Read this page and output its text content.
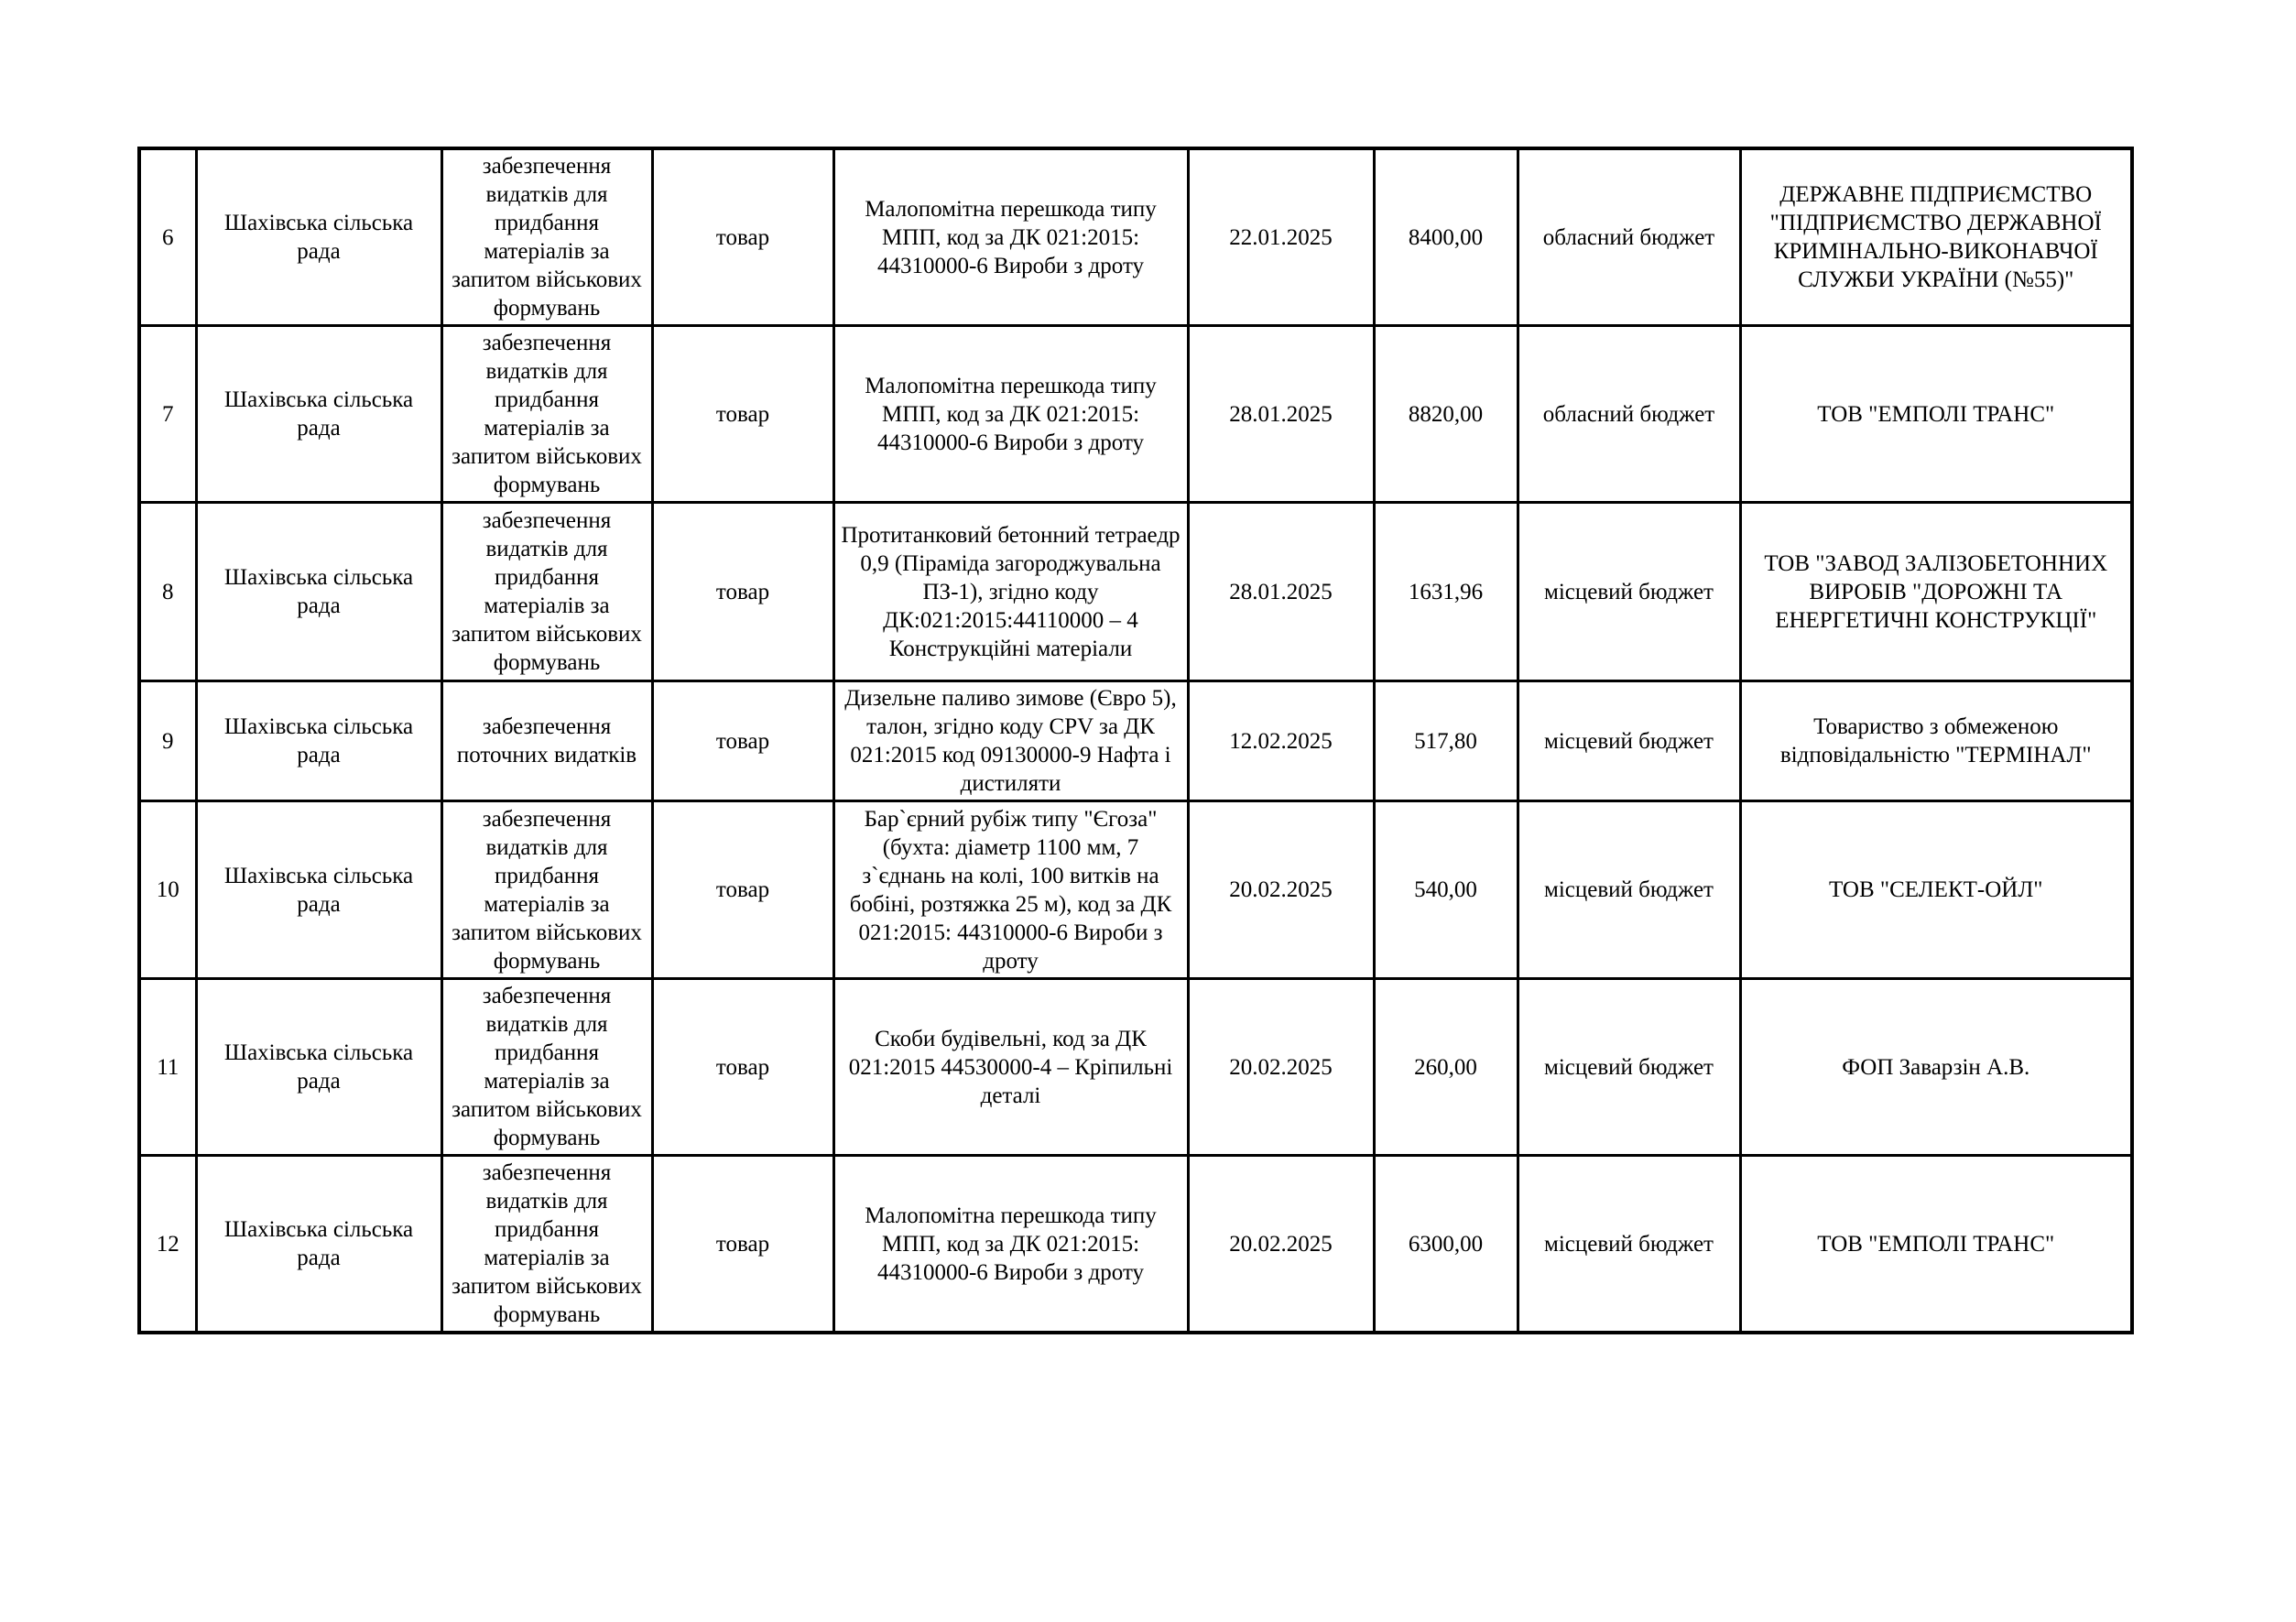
6	Шахівська сільська рада	забезпечення видатків для придбання матеріалів за запитом військових формувань	товар	Малопомітна перешкода типу МПП, код за ДК 021:2015: 44310000-6 Вироби з дроту	22.01.2025	8400,00	обласний бюджет	ДЕРЖАВНЕ ПІДПРИЄМСТВО "ПІДПРИЄМСТВО ДЕРЖАВНОЇ КРИМІНАЛЬНО-ВИКОНАВЧОЇ СЛУЖБИ УКРАЇНИ (№55)"
7	Шахівська сільська рада	забезпечення видатків для придбання матеріалів за запитом військових формувань	товар	Малопомітна перешкода типу МПП, код за ДК 021:2015: 44310000-6 Вироби з дроту	28.01.2025	8820,00	обласний бюджет	ТОВ "ЕМПОЛІ ТРАНС"
8	Шахівська сільська рада	забезпечення видатків для придбання матеріалів за запитом військових формувань	товар	Протитанковий бетонний тетраедр 0,9 (Піраміда загороджувальна ПЗ-1), згідно коду ДК:021:2015:44110000 – 4 Конструкційні матеріали	28.01.2025	1631,96	місцевий бюджет	ТОВ "ЗАВОД ЗАЛІЗОБЕТОННИХ ВИРОБІВ "ДОРОЖНІ ТА ЕНЕРГЕТИЧНІ КОНСТРУКЦІЇ"
9	Шахівська сільська рада	забезпечення поточних видатків	товар	Дизельне паливо зимове (Євро 5), талон, згідно коду CPV за ДК 021:2015 код 09130000-9 Нафта і дистиляти	12.02.2025	517,80	місцевий бюджет	Товариство з обмеженою відповідальністю "ТЕРМІНАЛ"
10	Шахівська сільська рада	забезпечення видатків для придбання матеріалів за запитом військових формувань	товар	Бар`єрний рубіж типу "Єгоза" (бухта: діаметр 1100 мм, 7 з`єднань на колі, 100 витків на бобіні, розтяжка 25 м), код за ДК 021:2015: 44310000-6 Вироби з дроту	20.02.2025	540,00	місцевий бюджет	ТОВ "СЕЛЕКТ-ОЙЛ"
11	Шахівська сільська рада	забезпечення видатків для придбання матеріалів за запитом військових формувань	товар	Скоби будівельні, код за ДК 021:2015 44530000-4 – Кріпильні деталі	20.02.2025	260,00	місцевий бюджет	ФОП Заварзін А.В.
12	Шахівська сільська рада	забезпечення видатків для придбання матеріалів за запитом військових формувань	товар	Малопомітна перешкода типу МПП, код за ДК 021:2015: 44310000-6 Вироби з дроту	20.02.2025	6300,00	місцевий бюджет	ТОВ "ЕМПОЛІ ТРАНС"
